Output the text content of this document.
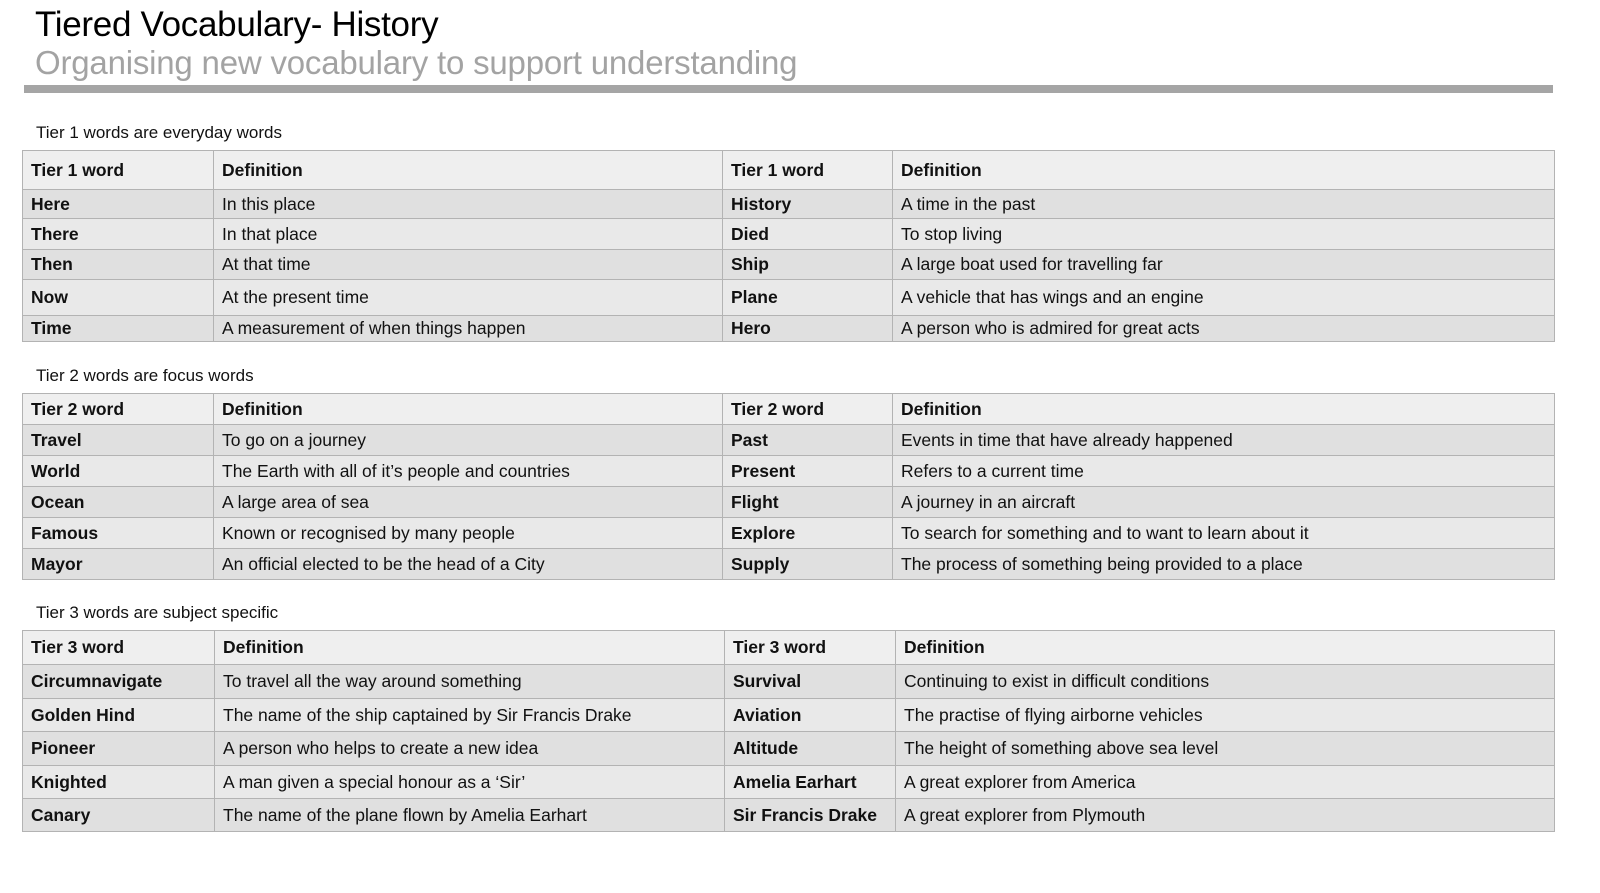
Tiered Vocabulary- History
Organising new vocabulary to support understanding
Tier 1 words are everyday words
Tier 1 word	Definition	Tier 1 word	Definition
Here	In this place	History	A time in the past
There	In that place	Died	To stop living
Then	At that time	Ship	A large boat used for travelling far
Now	At the present time	Plane	A vehicle that has wings and an engine
Time	A measurement of when things happen	Hero	A person who is admired for great acts
Tier 2 words are focus words
Tier 2 word	Definition	Tier 2 word	Definition
Travel	To go on a journey	Past	Events in time that have already happened
World	The Earth with all of it’s people and countries	Present	Refers to a current time
Ocean	A large area of sea	Flight	A journey in an aircraft
Famous	Known or recognised by many people	Explore	To search for something and to want to learn about it
Mayor	An official elected to be the head of a City	Supply	The process of something being provided to a place
Tier 3 words are subject specific
Tier 3 word	Definition	Tier 3 word	Definition
Circumnavigate	To travel all the way around something	Survival	Continuing to exist in difficult conditions
Golden Hind	The name of the ship captained by Sir Francis Drake	Aviation	The practise of flying airborne vehicles
Pioneer	A person who helps to create a new idea	Altitude	The height of something above sea level
Knighted	A man given a special honour as a ‘Sir’	Amelia Earhart	A great explorer from America
Canary	The name of the plane flown by Amelia Earhart	Sir Francis Drake	A great explorer from Plymouth
